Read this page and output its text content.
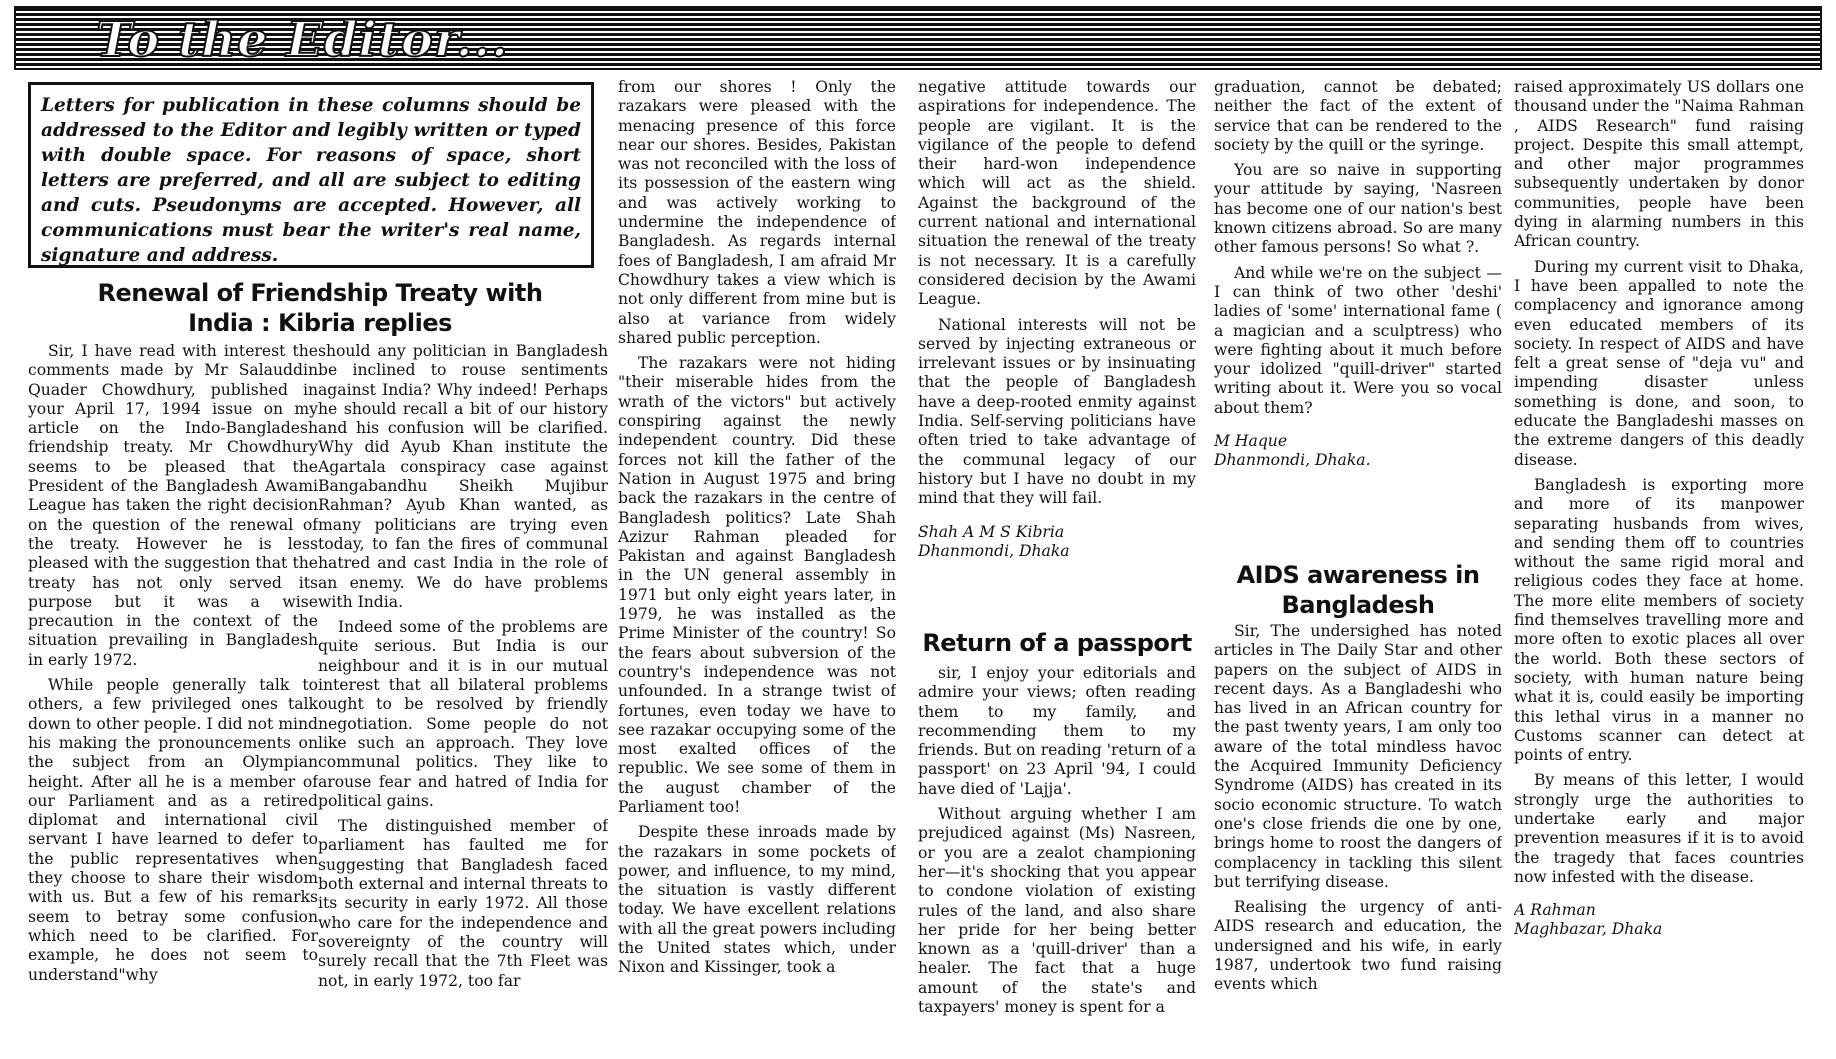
To the Editor...
Letters for publication in these columns should be addressed to the Editor and legibly written or typed with double space. For reasons of space, short letters are preferred, and all are subject to editing and cuts. Pseudonyms are accepted. However, all communications must bear the writer's real name, signature and address.
Renewal of Friendship Treaty with
India : Kibria replies

Sir, I have read with interest the comments made by Mr Salauddin Quader Chowdhury, published in your April 17, 1994 issue on my article on the Indo-Bangladesh friendship treaty. Mr Chowdhury seems to be pleased that the President of the Bangladesh Awami League has taken the right decision on the question of the renewal of the treaty. However he is less pleased with the suggestion that the treaty has not only served its purpose but it was a wise precaution in the context of the situation prevailing in Bangladesh in early 1972.

While people generally talk to others, a few privileged ones talk down to other people. I did not mind his making the pronouncements on the subject from an Olympian height. After all he is a member of our Parliament and as a retired diplomat and international civil servant I have learned to defer to the public representatives when they choose to share their wisdom with us. But a few of his remarks seem to betray some confusion which need to be clarified. For example, he does not seem to understand"why

should any politician in Bangladesh be inclined to rouse sentiments against India? Why indeed! Perhaps he should recall a bit of our history and his confusion will be clarified. Why did Ayub Khan institute the Agartala conspiracy case against Bangabandhu Sheikh Mujibur Rahman? Ayub Khan wanted, as many politicians are trying even today, to fan the fires of communal hatred and cast India in the role of an enemy. We do have problems with India.

Indeed some of the problems are quite serious. But India is our neighbour and it is in our mutual interest that all bilateral problems ought to be resolved by friendly negotiation. Some people do not like such an approach. They love communal politics. They like to arouse fear and hatred of India for political gains.

The distinguished member of parliament has faulted me for suggesting that Bangladesh faced both external and internal threats to its security in early 1972. All those who care for the independence and sovereignty of the country will surely recall that the 7th Fleet was not, in early 1972, too far

from our shores ! Only the razakars were pleased with the menacing presence of this force near our shores. Besides, Pakistan was not reconciled with the loss of its possession of the eastern wing and was actively working to undermine the independence of Bangladesh. As regards internal foes of Bangladesh, I am afraid Mr Chowdhury takes a view which is not only different from mine but is also at variance from widely shared public perception.

The razakars were not hiding "their miserable hides from the wrath of the victors" but actively conspiring against the newly independent country. Did these forces not kill the father of the Nation in August 1975 and bring back the razakars in the centre of Bangladesh politics? Late Shah Azizur Rahman pleaded for Pakistan and against Bangladesh in the UN general assembly in 1971 but only eight years later, in 1979, he was installed as the Prime Minister of the country! So the fears about subversion of the country's independence was not unfounded. In a strange twist of fortunes, even today we have to see razakar occupying some of the most exalted offices of the republic. We see some of them in the august chamber of the Parliament too!

Despite these inroads made by the razakars in some pockets of power, and influence, to my mind, the situation is vastly different today. We have excellent relations with all the great powers including the United states which, under Nixon and Kissinger, took a

negative attitude towards our aspirations for independence. The people are vigilant. It is the vigilance of the people to defend their hard-won independence which will act as the shield. Against the background of the current national and international situation the renewal of the treaty is not necessary. It is a carefully considered decision by the Awami League.

National interests will not be served by injecting extraneous or irrelevant issues or by insinuating that the people of Bangladesh have a deep-rooted enmity against India. Self-serving politicians have often tried to take advantage of the communal legacy of our history but I have no doubt in my mind that they will fail.

Shah A M S Kibria
Dhanmondi, Dhaka

Return of a passport

sir, I enjoy your editorials and admire your views; often reading them to my family, and recommending them to my friends. But on reading 'return of a passport' on 23 April '94, I could have died of 'Lajja'.

Without arguing whether I am prejudiced against (Ms) Nasreen, or you are a zealot championing her—it's shocking that you appear to condone violation of existing rules of the land, and also share her pride for her being better known as a 'quill-driver' than a healer. The fact that a huge amount of the state's and taxpayers' money is spent for a

graduation, cannot be debated; neither the fact of the extent of service that can be rendered to the society by the quill or the syringe.

You are so naive in supporting your attitude by saying, 'Nasreen has become one of our nation's best known citizens abroad. So are many other famous persons! So what ?.

And while we're on the subject — I can think of two other 'deshi' ladies of 'some' international fame ( a magician and a sculptress) who were fighting about it much before your idolized "quill-driver" started writing about it. Were you so vocal about them?

M Haque
Dhanmondi, Dhaka.

AIDS awareness in
Bangladesh

Sir, The undersighed has noted articles in The Daily Star and other papers on the subject of AIDS in recent days. As a Bangladeshi who has lived in an African country for the past twenty years, I am only too aware of the total mindless havoc the Acquired Immunity Deficiency Syndrome (AIDS) has created in its socio economic structure. To watch one's close friends die one by one, brings home to roost the dangers of complacency in tackling this silent but terrifying disease.

Realising the urgency of anti-AIDS research and education, the undersigned and his wife, in early 1987, undertook two fund raising events which

raised approximately US dollars one thousand under the "Naima Rahman , AIDS Research" fund raising project. Despite this small attempt, and other major programmes subsequently undertaken by donor communities, people have been dying in alarming numbers in this African country.

During my current visit to Dhaka, I have been appalled to note the complacency and ignorance among even educated members of its society. In respect of AIDS and have felt a great sense of "deja vu" and impending disaster unless something is done, and soon, to educate the Bangladeshi masses on the extreme dangers of this deadly disease.

Bangladesh is exporting more and more of its manpower separating husbands from wives, and sending them off to countries without the same rigid moral and religious codes they face at home. The more elite members of society find themselves travelling more and more often to exotic places all over the world. Both these sectors of society, with human nature being what it is, could easily be importing this lethal virus in a manner no Customs scanner can detect at points of entry.

By means of this letter, I would strongly urge the authorities to undertake early and major prevention measures if it is to avoid the tragedy that faces countries now infested with the disease.

A Rahman
Maghbazar, Dhaka
